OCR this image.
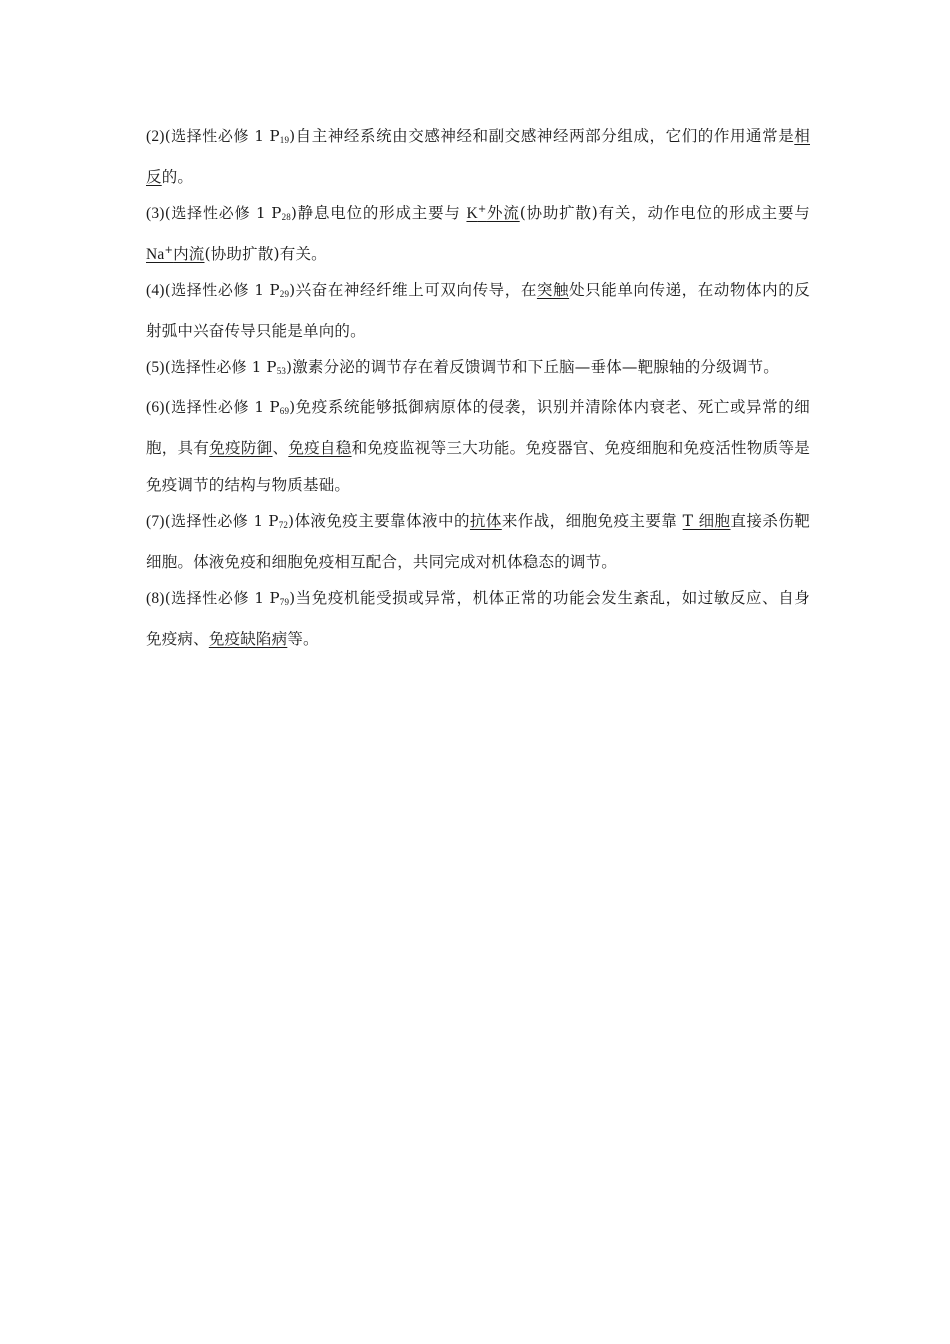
(2)(选择性必修 1 $P_{19}$)自主神经系统由交感神经和副交感神经两部分组成，它们的作用通常是相反的。

(3)(选择性必修 1 $P_{28}$)静息电位的形成主要与 K+外流(协助扩散)有关，动作电位的形成主要与 Na+内流(协助扩散)有关。

(4)(选择性必修 1 $P_{29}$)兴奋在神经纤维上可双向传导，在突触处只能单向传递，在动物体内的反射弧中兴奋传导只能是单向的。

(5)(选择性必修 1 $P_{53}$)激素分泌的调节存在着反馈调节和下丘脑—垂体—靶腺轴的分级调节。

(6)(选择性必修 1 $P_{69}$)免疫系统能够抵御病原体的侵袭，识别并清除体内衰老、死亡或异常的细胞，具有免疫防御、免疫自稳和免疫监视等三大功能。免疫器官、免疫细胞和免疫活性物质等是免疫调节的结构与物质基础。

(7)(选择性必修 1 $P_{72}$)体液免疫主要靠体液中的抗体来作战，细胞免疫主要靠 T 细胞直接杀伤靶细胞。体液免疫和细胞免疫相互配合，共同完成对机体稳态的调节。

(8)(选择性必修 1 $P_{79}$)当免疫机能受损或异常，机体正常的功能会发生紊乱，如过敏反应、自身免疫病、免疫缺陷病等。
